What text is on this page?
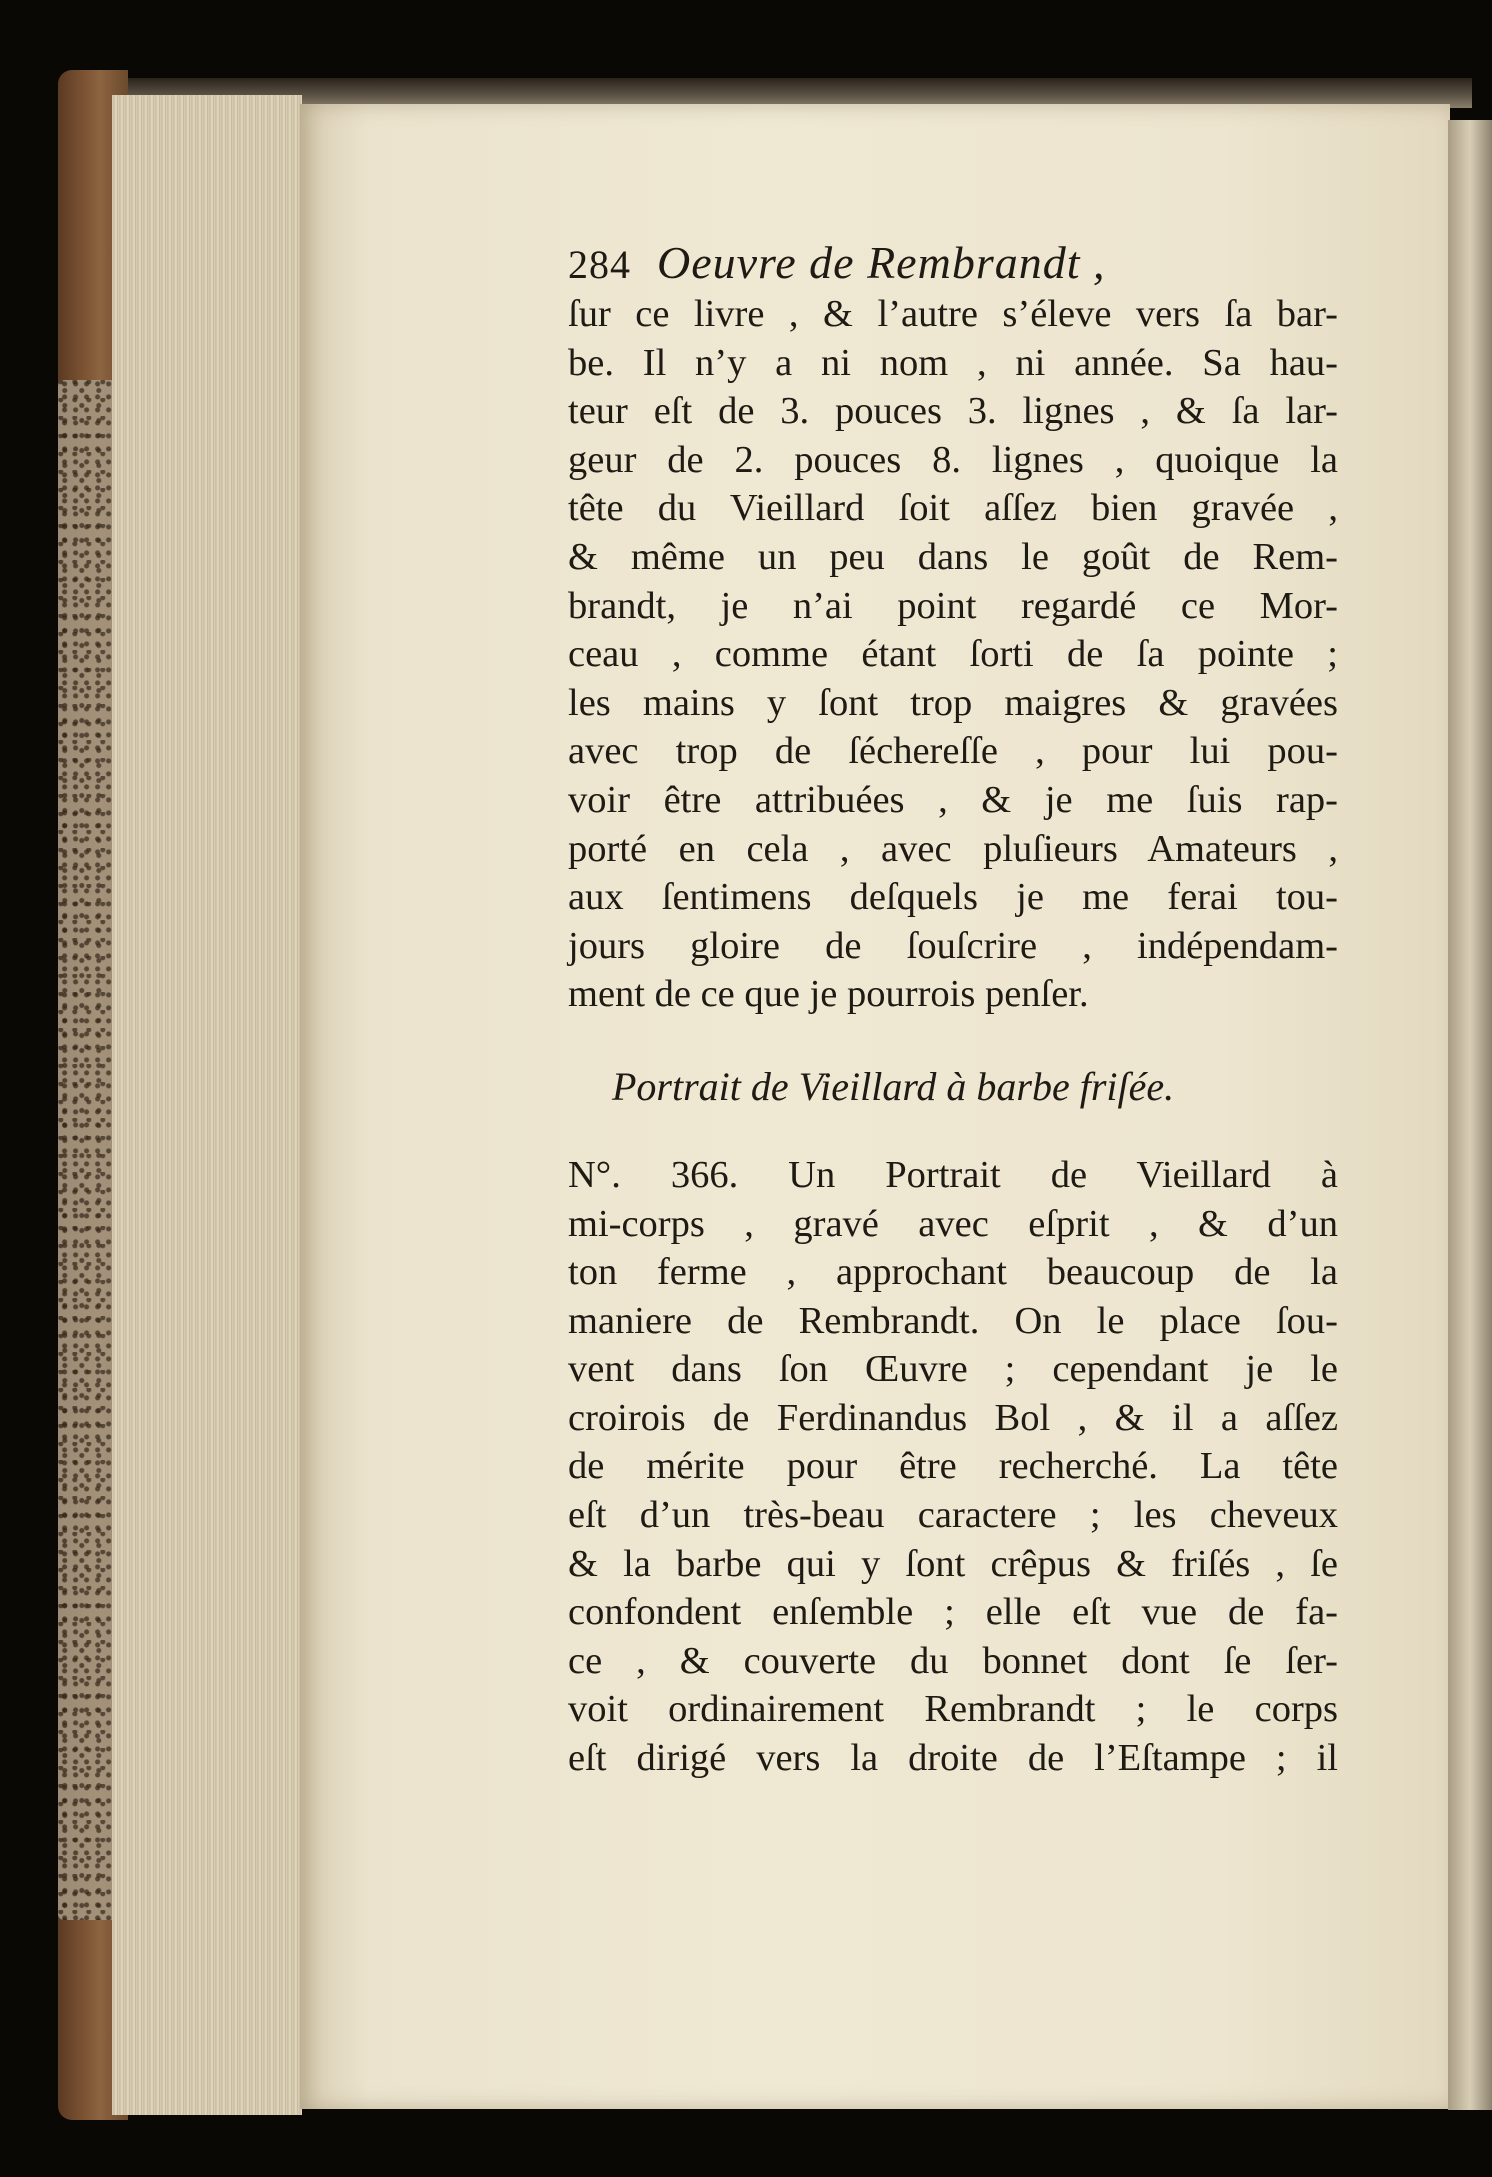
284 Oeuvre de Rembrandt ,
ſur ce livre , & l’autre s’éleve vers ſa bar-
be. Il n’y a ni nom , ni année. Sa hau-
teur eſt de 3. pouces 3. lignes , & ſa lar-
geur de 2. pouces 8. lignes , quoique la
tête du Vieillard ſoit aſſez bien gravée ,
& même un peu dans le goût de Rem-
brandt, je n’ai point regardé ce Mor-
ceau , comme étant ſorti de ſa pointe ;
les mains y ſont trop maigres & gravées
avec trop de ſéchereſſe , pour lui pou-
voir être attribuées , & je me ſuis rap-
porté en cela , avec pluſieurs Amateurs ,
aux ſentimens deſquels je me ferai tou-
jours gloire de ſouſcrire , indépendam-
ment de ce que je pourrois penſer.
Portrait de Vieillard à barbe friſée.
N°. 366. Un Portrait de Vieillard à
mi-corps , gravé avec eſprit , & d’un
ton ferme , approchant beaucoup de la
maniere de Rembrandt. On le place ſou-
vent dans ſon Œuvre ; cependant je le
croirois de Ferdinandus Bol , & il a aſſez
de mérite pour être recherché. La tête
eſt d’un très-beau caractere ; les cheveux
& la barbe qui y ſont crêpus & friſés , ſe
confondent enſemble ; elle eſt vue de fa-
ce , & couverte du bonnet dont ſe ſer-
voit ordinairement Rembrandt ; le corps
eſt dirigé vers la droite de l’Eſtampe ; il
